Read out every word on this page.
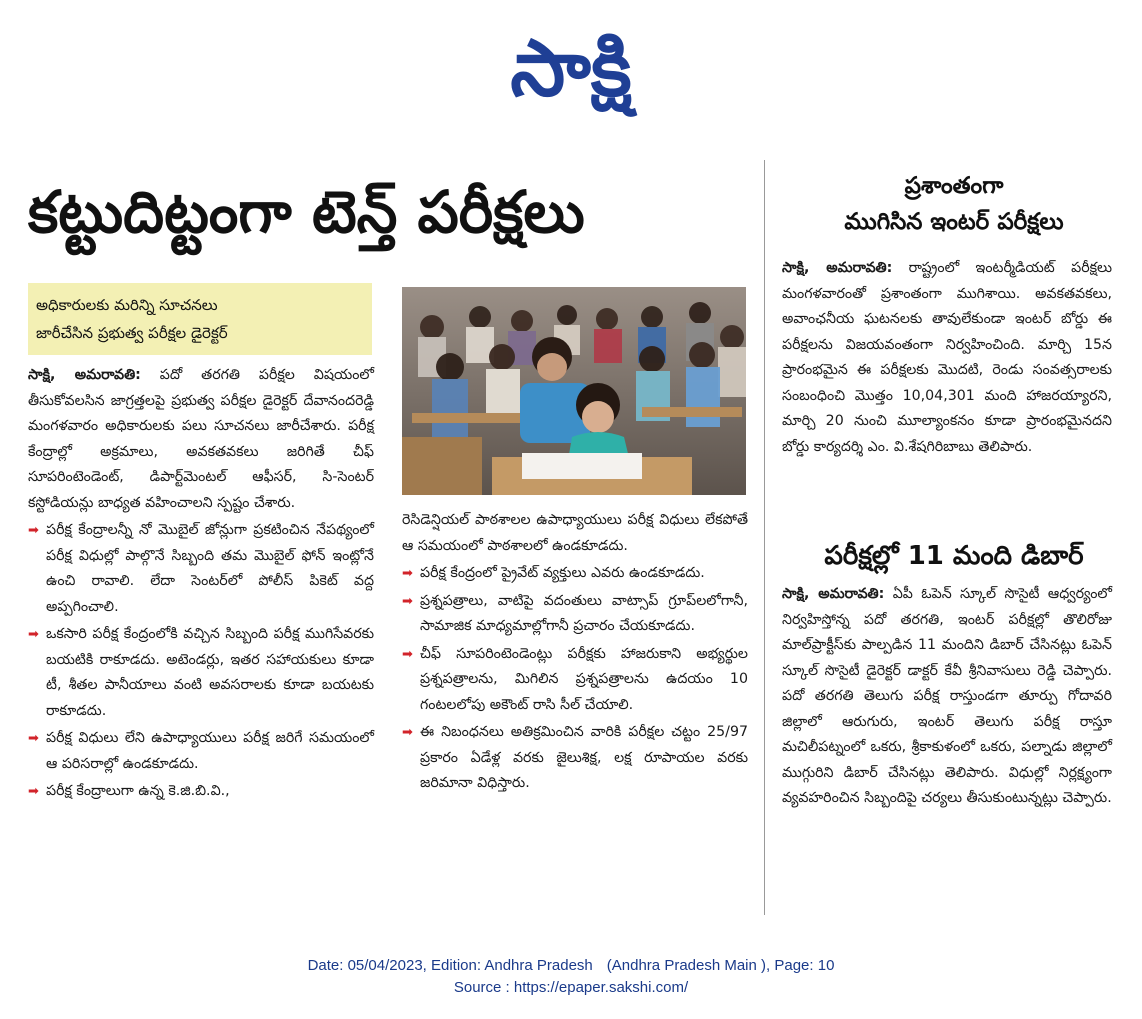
సాక్షి
కట్టుదిట్టంగా టెన్త్ పరీక్షలు
అధికారులకు మరిన్ని సూచనలు
జారీచేసిన ప్రభుత్వ పరీక్షల డైరెక్టర్

సాక్షి, అమరావతి: పదో తరగతి పరీక్షల విషయంలో తీసుకోవలసిన జాగ్రత్తలపై ప్రభుత్వ పరీక్షల డైరెక్టర్ దేవానందరెడ్డి మంగళవారం అధికారులకు పలు సూచనలు జారీచేశారు. పరీక్ష కేంద్రాల్లో అక్రమాలు, అవకతవకలు జరిగితే చీఫ్ సూపరింటెండెంట్, డిపార్ట్‌మెంటల్ ఆఫీసర్, సి-సెంటర్ కస్టోడియన్లు బాధ్యత వహించాలని స్పష్టం చేశారు.

➡ పరీక్ష కేంద్రాలన్నీ నో మొబైల్ జోన్లుగా ప్రకటించిన నేపథ్యంలో పరీక్ష విధుల్లో పాల్గొనే సిబ్బంది తమ మొబైల్ ఫోన్ ఇంట్లోనే ఉంచి రావాలి. లేదా సెంటర్‌లో పోలీస్ పికెట్ వద్ద అప్పగించాలి.
➡ ఒకసారి పరీక్ష కేంద్రంలోకి వచ్చిన సిబ్బంది పరీక్ష ముగిసేవరకు బయటికి రాకూడదు. అటెండర్లు, ఇతర సహాయకులు కూడా టీ, శీతల పానీయాలు వంటి అవసరాలకు కూడా బయటకు రాకూడదు.
➡ పరీక్ష విధులు లేని ఉపాధ్యాయులు పరీక్ష జరిగే సమయంలో ఆ పరిసరాల్లో ఉండకూడదు.
➡ పరీక్ష కేంద్రాలుగా ఉన్న కె.జి.బి.వి.,

రెసిడెన్షియల్ పాఠశాలల ఉపాధ్యాయులు పరీక్ష విధులు లేకపోతే ఆ సమయంలో పాఠశాలలో ఉండకూడదు.

➡ పరీక్ష కేంద్రంలో ప్రైవేట్ వ్యక్తులు ఎవరు ఉండకూడదు.
➡ ప్రశ్నపత్రాలు, వాటిపై వదంతులు వాట్సాప్ గ్రూప్‌లలోగానీ, సామాజిక మాధ్యమాల్లోగానీ ప్రచారం చేయకూడదు.
➡ చీఫ్ సూపరింటెండెంట్లు పరీక్షకు హాజరుకాని అభ్యర్థుల ప్రశ్నపత్రాలను, మిగిలిన ప్రశ్నపత్రాలను ఉదయం 10 గంటలలోపు అకౌంట్ రాసి సీల్ చేయాలి.
➡ ఈ నిబంధనలు అతిక్రమించిన వారికి పరీక్షల చట్టం 25/97 ప్రకారం ఏడేళ్ల వరకు జైలుశిక్ష, లక్ష రూపాయల వరకు జరిమానా విధిస్తారు.
ప్రశాంతంగా
ముగిసిన ఇంటర్ పరీక్షలు

సాక్షి, అమరావతి: రాష్ట్రంలో ఇంటర్మీడియట్ పరీక్షలు మంగళవారంతో ప్రశాంతంగా ముగిశాయి. అవకతవకలు, అవాంఛనీయ ఘటనలకు తావులేకుండా ఇంటర్ బోర్డు ఈ పరీక్షలను విజయవంతంగా నిర్వహించింది. మార్చి 15న ప్రారంభమైన ఈ పరీక్షలకు మొదటి, రెండు సంవత్సరాలకు సంబంధించి మొత్తం 10,04,301 మంది హాజరయ్యారని, మార్చి 20 నుంచి మూల్యాంకనం కూడా ప్రారంభమైనదని బోర్డు కార్యదర్శి ఎం. వి.శేషగిరిబాబు తెలిపారు.

పరీక్షల్లో 11 మంది డిబార్

సాక్షి, అమరావతి: ఏపీ ఓపెన్ స్కూల్ సొసైటీ ఆధ్వర్యంలో నిర్వహిస్తోన్న పదో తరగతి, ఇంటర్ పరీక్షల్లో తొలిరోజు మాల్‌ప్రాక్టీస్‌కు పాల్పడిన 11 మందిని డిబార్ చేసినట్లు ఓపెన్ స్కూల్ సొసైటీ డైరెక్టర్ డాక్టర్ కేవీ శ్రీనివాసులు రెడ్డి చెప్పారు. పదో తరగతి తెలుగు పరీక్ష రాస్తుండగా తూర్పు గోదావరి జిల్లాలో ఆరుగురు, ఇంటర్ తెలుగు పరీక్ష రాస్తూ మచిలీపట్నంలో ఒకరు, శ్రీకాకుళంలో ఒకరు, పల్నాడు జిల్లాలో ముగ్గురిని డిబార్ చేసినట్లు తెలిపారు. విధుల్లో నిర్లక్ష్యంగా వ్యవహరించిన సిబ్బందిపై చర్యలు తీసుకుంటున్నట్లు చెప్పారు.

Date: 05/04/2023, Edition: Andhra Pradesh (Andhra Pradesh Main ), Page: 10
Source : https://epaper.sakshi.com/
